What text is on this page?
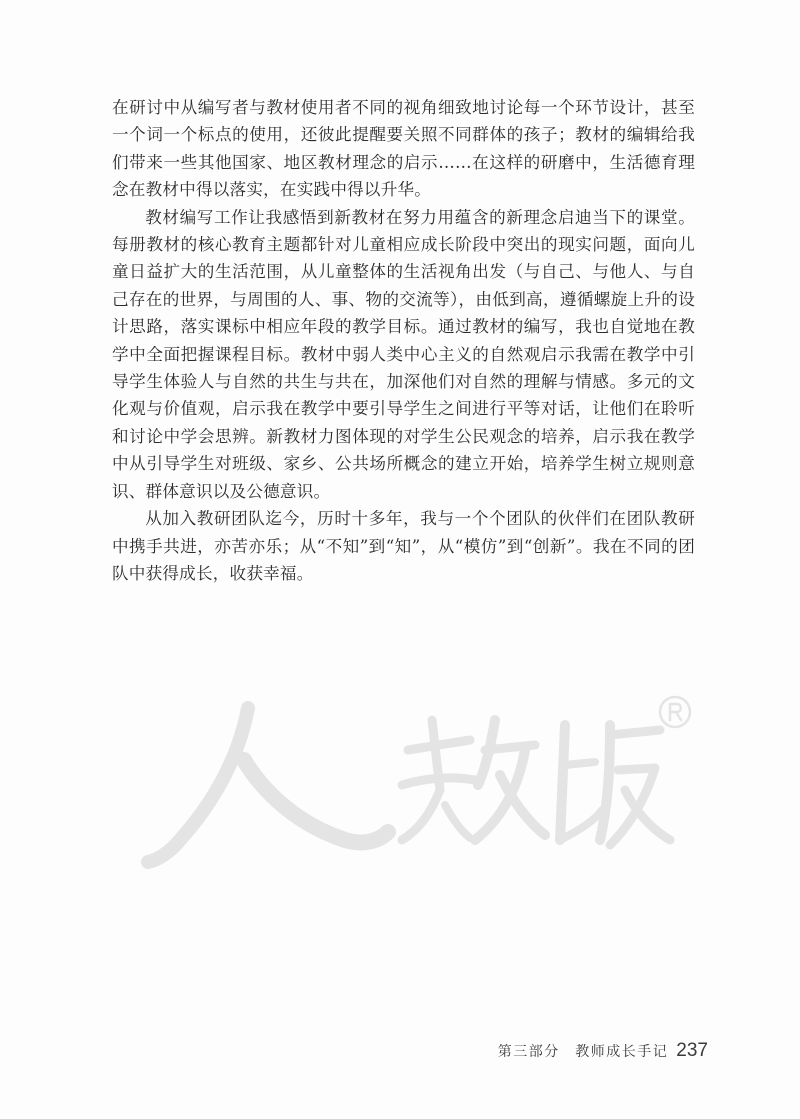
在研讨中从编写者与教材使用者不同的视角细致地讨论每一个环节设计，甚至一个词一个标点的使用，还彼此提醒要关照不同群体的孩子；教材的编辑给我们带来一些其他国家、地区教材理念的启示……在这样的研磨中，生活德育理念在教材中得以落实，在实践中得以升华。

教材编写工作让我感悟到新教材在努力用蕴含的新理念启迪当下的课堂。每册教材的核心教育主题都针对儿童相应成长阶段中突出的现实问题，面向儿童日益扩大的生活范围，从儿童整体的生活视角出发（与自己、与他人、与自己存在的世界，与周围的人、事、物的交流等），由低到高，遵循螺旋上升的设计思路，落实课标中相应年段的教学目标。通过教材的编写，我也自觉地在教学中全面把握课程目标。教材中弱人类中心主义的自然观启示我需在教学中引导学生体验人与自然的共生与共在，加深他们对自然的理解与情感。多元的文化观与价值观，启示我在教学中要引导学生之间进行平等对话，让他们在聆听和讨论中学会思辨。新教材力图体现的对学生公民观念的培养，启示我在教学中从引导学生对班级、家乡、公共场所概念的建立开始，培养学生树立规则意识、群体意识以及公德意识。

从加入教研团队迄今，历时十多年，我与一个个团队的伙伴们在团队教研中携手共进，亦苦亦乐；从“不知”到“知”，从“模仿”到“创新”。我在不同的团队中获得成长，收获幸福。

第三部分　教师成长手记 237
